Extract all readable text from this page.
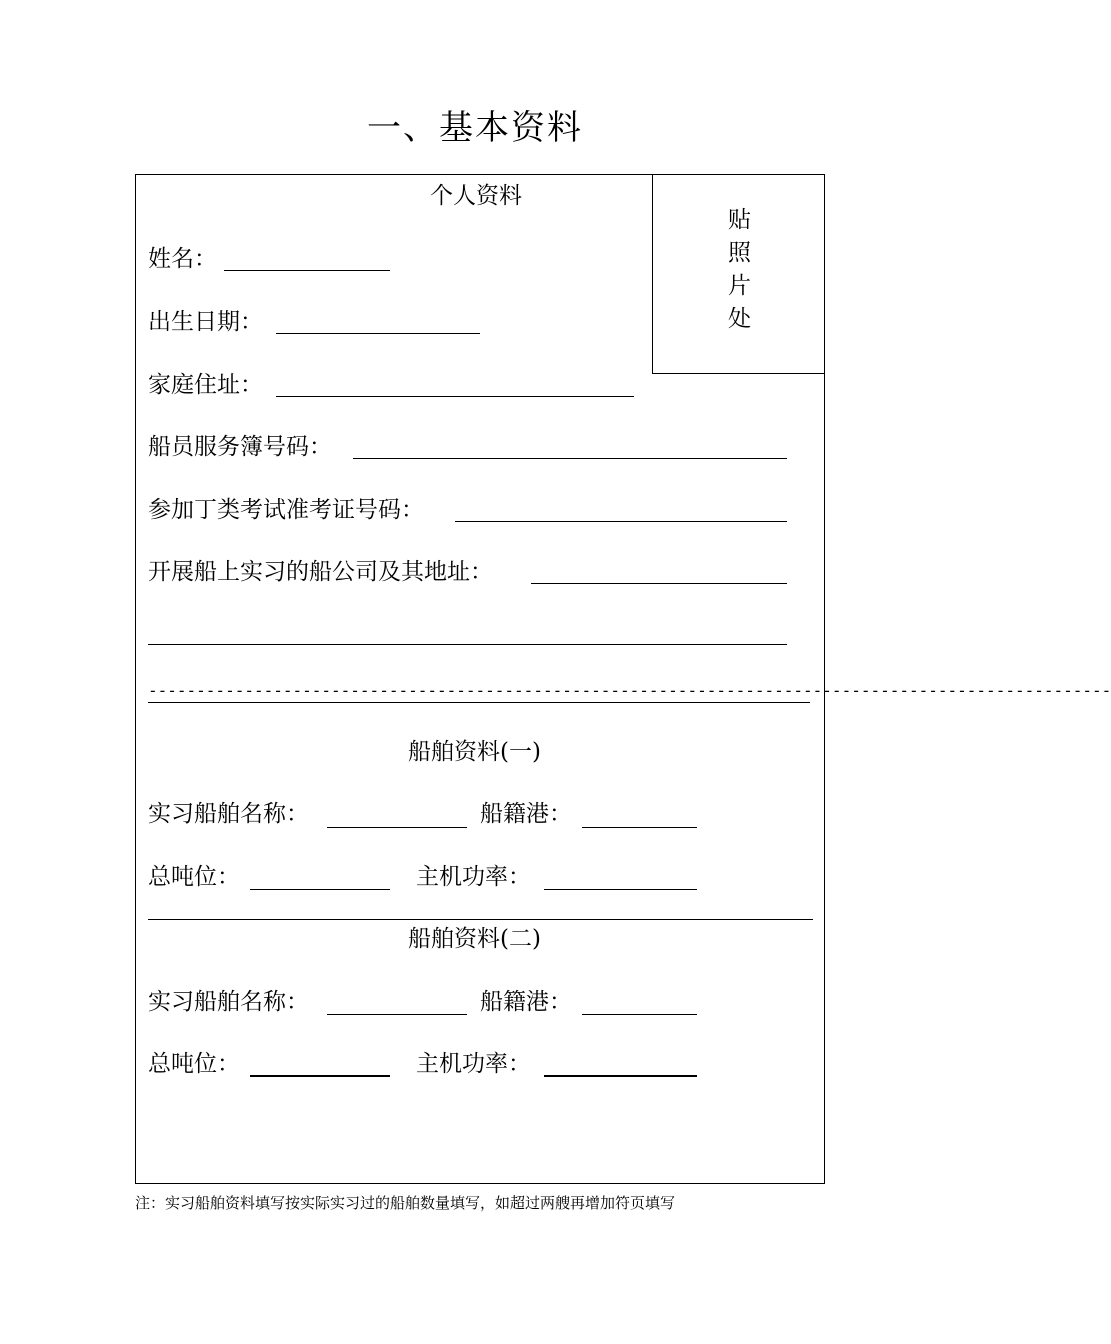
一、基本资料
贴
照
片
处
个人资料
姓名：
出生日期：
家庭住址：
船员服务簿号码：
参加丁类考试准考证号码：
开展船上实习的船公司及其地址：
----------------------------------------------------------------------------------------------------
船舶资料(一)
实习船舶名称：	船籍港：
总吨位：	主机功率：
船舶资料(二)
实习船舶名称：	船籍港：
总吨位：	主机功率：
注：实习船舶资料填写按实际实习过的船舶数量填写，如超过两艘再增加符页填写
